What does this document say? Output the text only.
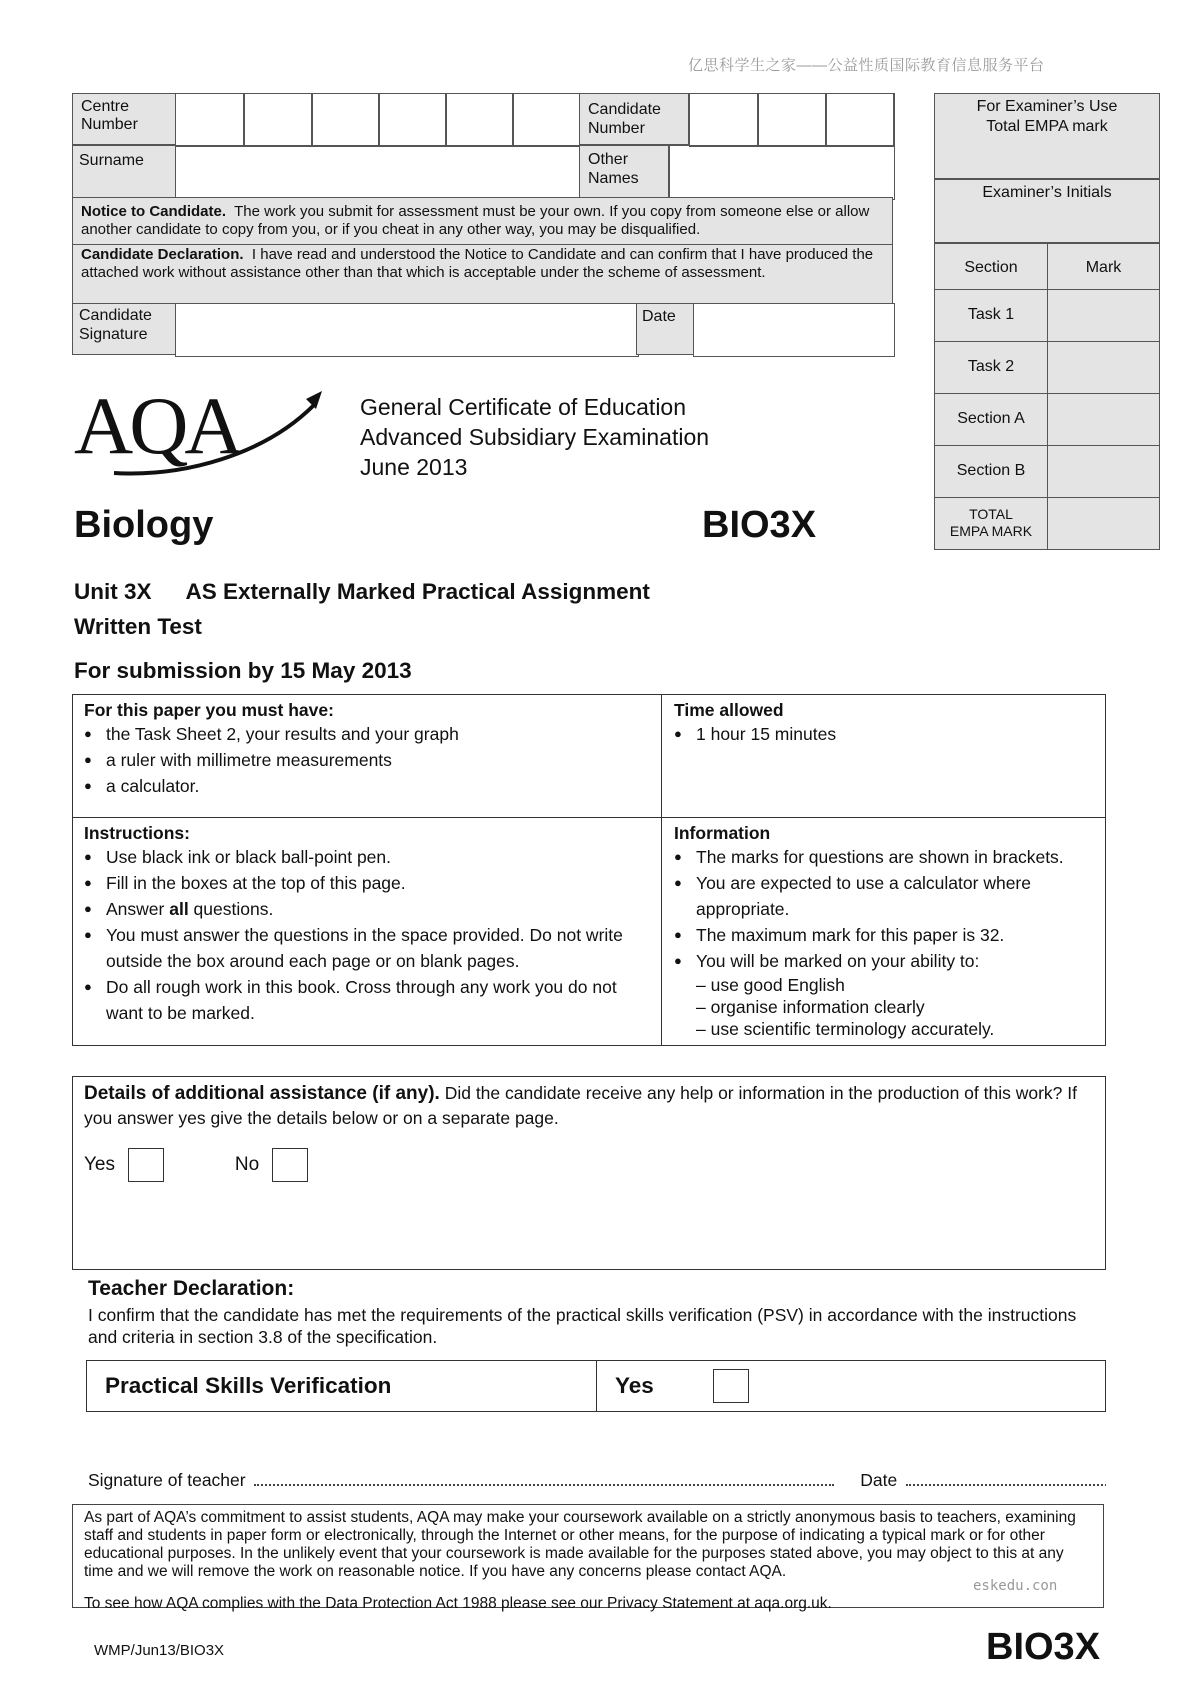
亿思科学生之家——公益性质国际教育信息服务平台
Centre Number
Candidate Number
Surname	Other Names
Notice to Candidate. The work you submit for assessment must be your own. If you copy from someone else or allow another candidate to copy from you, or if you cheat in any other way, you may be disqualified.
Candidate Declaration. I have read and understood the Notice to Candidate and can confirm that I have produced the attached work without assistance other than that which is acceptable under the scheme of assessment.
Candidate Signature
Date
For Examiner’s Use
Total EMPA mark
Examiner’s Initials
Section	Mark
Task 1
Task 2
Section A
Section B
TOTAL
EMPA MARK
AQA	General Certificate of Education
Advanced Subsidiary Examination
June 2013
Biology	BIO3X
Unit 3X AS Externally Marked Practical Assignment
Written Test
For submission by 15 May 2013
For this paper you must have:
● the Task Sheet 2, your results and your graph
● a ruler with millimetre measurements
● a calculator.
Time allowed
● 1 hour 15 minutes
Instructions:
● Use black ink or black ball-point pen.
● Fill in the boxes at the top of this page.
● Answer all questions.
● You must answer the questions in the space provided. Do not write outside the box around each page or on blank pages.
● Do all rough work in this book. Cross through any work you do not want to be marked.
Information
● The marks for questions are shown in brackets.
● You are expected to use a calculator where appropriate.
● The maximum mark for this paper is 32.
● You will be marked on your ability to:
– use good English
– organise information clearly
– use scientific terminology accurately.
Details of additional assistance (if any). Did the candidate receive any help or information in the production of this work? If you answer yes give the details below or on a separate page.
Yes	No
Teacher Declaration:
I confirm that the candidate has met the requirements of the practical skills verification (PSV) in accordance with the instructions and criteria in section 3.8 of the specification.
Practical Skills Verification	Yes
Signature of teacher	Date
As part of AQA’s commitment to assist students, AQA may make your coursework available on a strictly anonymous basis to teachers, examining staff and students in paper form or electronically, through the Internet or other means, for the purpose of indicating a typical mark or for other educational purposes. In the unlikely event that your coursework is made available for the purposes stated above, you may object to this at any time and we will remove the work on reasonable notice. If you have any concerns please contact AQA.
To see how AQA complies with the Data Protection Act 1988 please see our Privacy Statement at aqa.org.uk.
eskedu.con
WMP/Jun13/BIO3X	BIO3X
